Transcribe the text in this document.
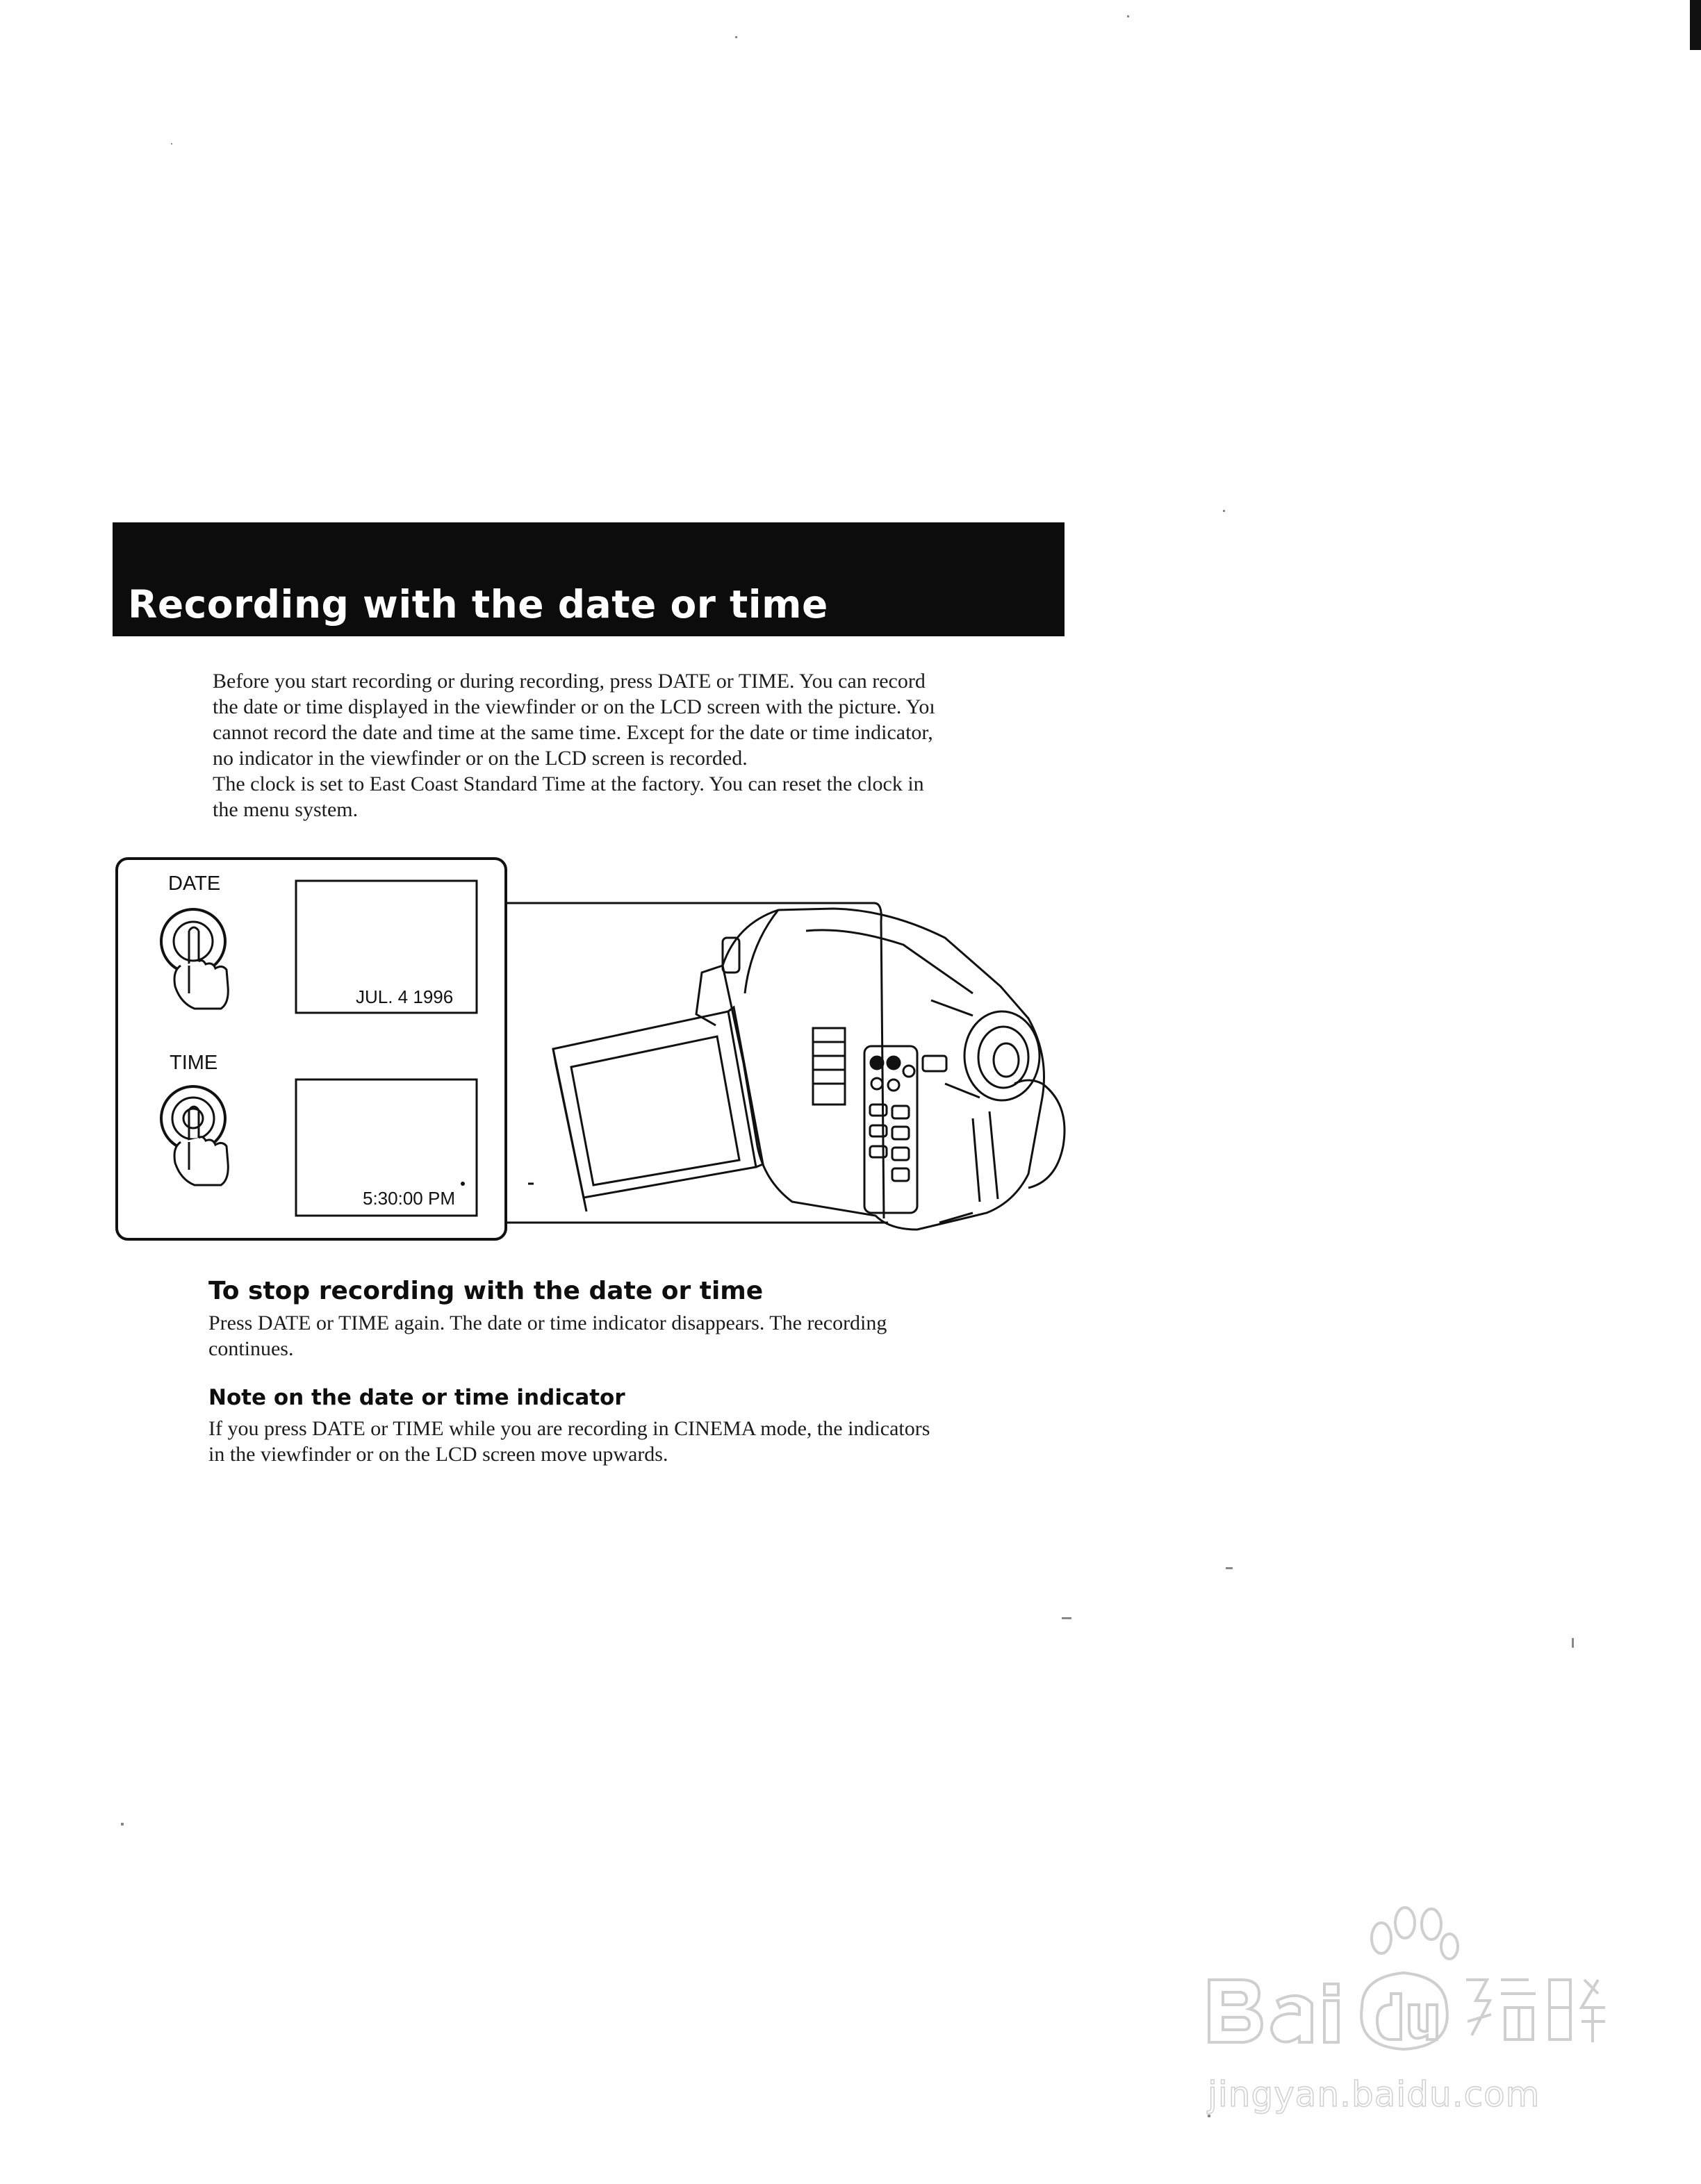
Recording with the date or time
Before you start recording or during recording, press DATE or TIME. You can record
the date or time displayed in the viewfinder or on the LCD screen with the picture. Yoı
cannot record the date and time at the same time. Except for the date or time indicator,
no indicator in the viewfinder or on the LCD screen is recorded.
The clock is set to East Coast Standard Time at the factory. You can reset the clock in
the menu system.
DATE
TIME
JUL. 4 1996
5:30:00 PM
To stop recording with the date or time
Press DATE or TIME again. The date or time indicator disappears. The recording
continues.
Note on the date or time indicator
If you press DATE or TIME while you are recording in CINEMA mode, the indicators
in the viewfinder or on the LCD screen move upwards.
jingyan.baidu.com
